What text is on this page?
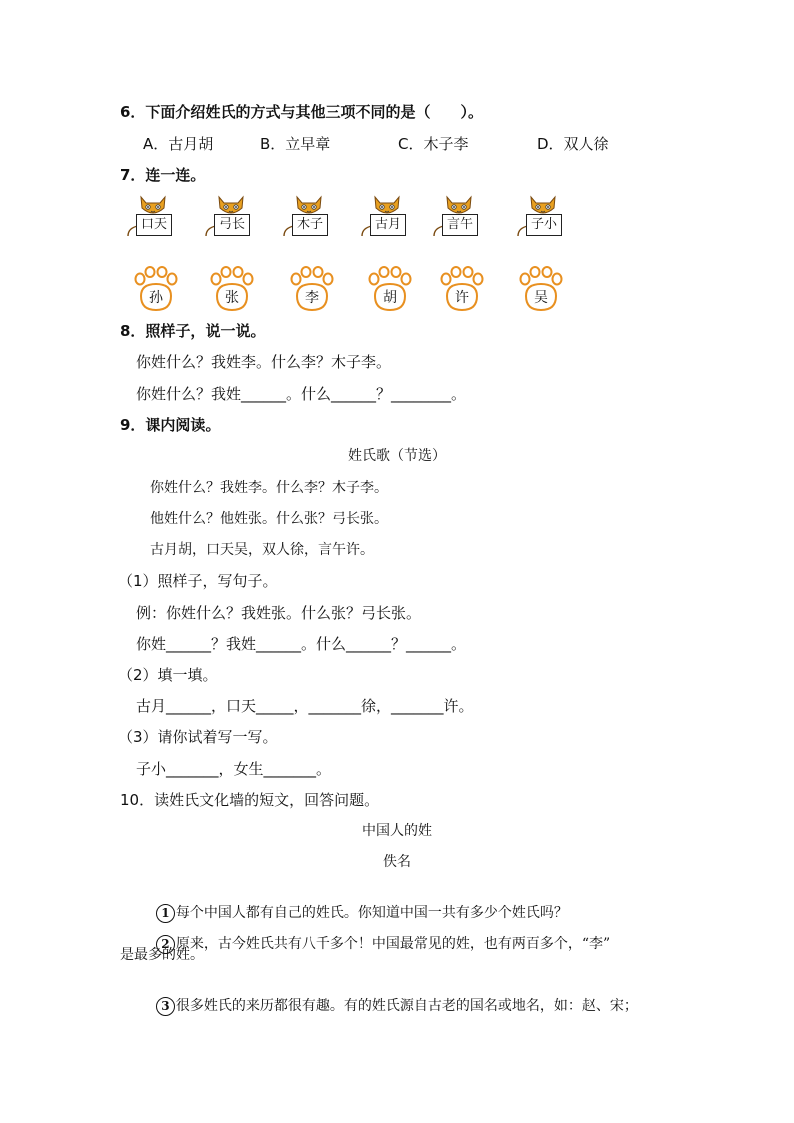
6．下面介绍姓氏的方式与其他三项不同的是（　　）。
A．古月胡	B．立早章	C．木子李	D．双人徐
7．连一连。
口天	弓长	木子	古月	言午	子小
孙	张	李	胡	许	吴
8．照样子，说一说。
你姓什么？我姓李。什么李？木子李。
你姓什么？我姓______。什么______？________。
9．课内阅读。
姓氏歌（节选）
你姓什么？我姓李。什么李？木子李。
他姓什么？他姓张。什么张？弓长张。
古月胡，口天吴，双人徐，言午许。
（1）照样子，写句子。
例：你姓什么？我姓张。什么张？弓长张。
你姓______？我姓______。什么______？______。
（2）填一填。
古月______，口天_____，_______徐，_______许。
（3）请你试着写一写。
子小_______，女生_______。
10．读姓氏文化墙的短文，回答问题。
中国人的姓
佚名

1 每个中国人都有自己的姓氏。你知道中国一共有多少个姓氏吗？

2 原来，古今姓氏共有八千多个！中国最常见的姓，也有两百多个，“李”

是最多的姓。

3 很多姓氏的来历都很有趣。有的姓氏源自古老的国名或地名，如：赵、宋；
